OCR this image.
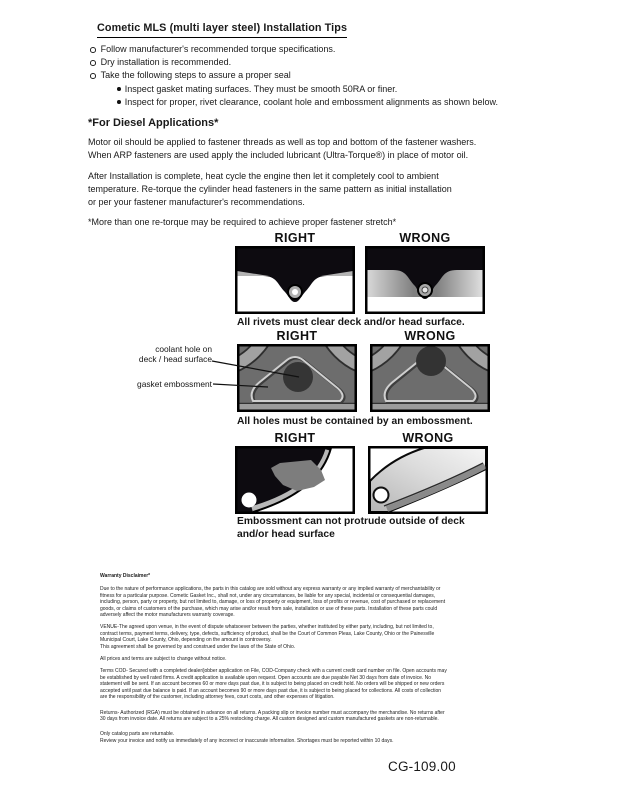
Cometic MLS (multi layer steel) Installation Tips
Follow manufacturer's recommended torque specifications.
Dry installation is recommended.
Take the following steps to assure a proper seal
Inspect gasket mating surfaces. They must be smooth 50RA or finer.
Inspect for proper, rivet clearance, coolant hole and embossment alignments as shown below.
*For Diesel Applications*
Motor oil should be applied to fastener threads as well as top and bottom of the fastener washers.
When ARP fasteners are used apply the included lubricant (Ultra-Torque®) in place of motor oil.
After Installation is complete, heat cycle the engine then let it completely cool to ambient
temperature. Re-torque the cylinder head fasteners in the same pattern as initial installation
or per your fastener manufacturer's recommendations.
*More than one re-torque may be required to achieve proper fastener stretch*
RIGHT	WRONG
All rivets must clear deck and/or head surface.
RIGHT	WRONG
coolant hole on
deck / head surface
gasket embossment
All holes must be contained by an embossment.
RIGHT	WRONG
Embossment can not protrude outside of deck
and/or head surface
Warranty Disclaimer*
Due to the nature of performance applications, the parts in this catalog are sold without any express warranty or any implied warranty of merchantability or
fitness for a particular purpose. Cometic Gasket Inc., shall not, under any circumstances, be liable for any special, incidental or consequential damages,
including, person, party or property, but not limited to, damage, or loss of property or equipment, loss of profits or revenue, cost of purchased or replacement
goods, or claims of customers of the purchase, which may arise and/or result from sale, installation or use of these parts. Installation of these parts could
adversely affect the motor manufacturers warranty coverage.
VENUE-The agreed upon venue, in the event of dispute whatsoever between the parties, whether instituted by either party, including, but not limited to,
contract terms, payment terms, delivery, type, defects, sufficiency of product, shall be the Court of Common Pleas, Lake County, Ohio or the Painesville
Municipal Court, Lake County, Ohio, depending on the amount in controversy.
This agreement shall be governed by and construed under the laws of the State of Ohio.
All prices and terms are subject to change without notice.
Terms COD- Secured with a completed dealer/jobber application on File, COD-Company check with a current credit card number on file. Open accounts may
be established by well rated firms. A credit application is available upon request. Open accounts are due payable Net 30 days from date of invoice. No
statement will be sent. If an account becomes 60 or more days past due, it is subject to being placed on credit hold. No orders will be shipped or new orders
accepted until past due balance is paid. If an account becomes 90 or more days past due, it is subject to being placed for collections. All costs of collection
are the responsibility of the customer, including attorney fees, court costs, and other expenses of litigation.
Returns- Authorized (RGA) must be obtained in advance on all returns. A packing slip or invoice number must accompany the merchandise. No returns after
30 days from invoice date. All returns are subject to a 25% restocking charge. All custom designed and custom manufactured gaskets are non-returnable.
Only catalog parts are returnable.
Review your invoice and notify us immediately of any incorrect or inaccurate information. Shortages must be reported within 10 days.
CG-109.00
